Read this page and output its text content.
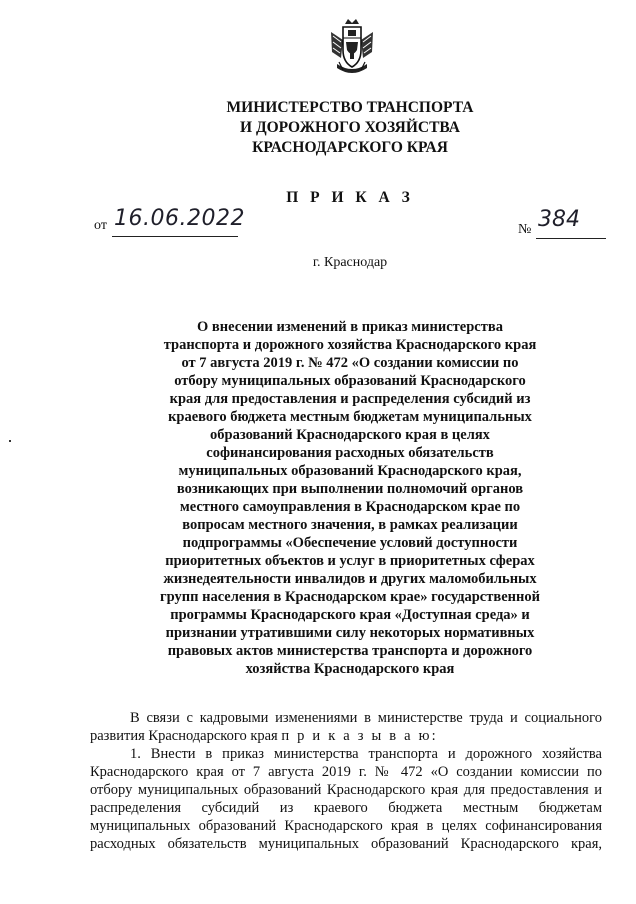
МИНИСТЕРСТВО ТРАНСПОРТА
И ДОРОЖНОГО ХОЗЯЙСТВА
КРАСНОДАРСКОГО КРАЯ
П Р И К А З
от 16.06.2022	№ 384
г. Краснодар
О внесении изменений в приказ министерства
транспорта и дорожного хозяйства Краснодарского края
от 7 августа 2019 г. № 472 «О создании комиссии по
отбору муниципальных образований Краснодарского
края для предоставления и распределения субсидий из
краевого бюджета местным бюджетам муниципальных
образований Краснодарского края в целях
софинансирования расходных обязательств
муниципальных образований Краснодарского края,
возникающих при выполнении полномочий органов
местного самоуправления в Краснодарском крае по
вопросам местного значения, в рамках реализации
подпрограммы «Обеспечение условий доступности
приоритетных объектов и услуг в приоритетных сферах
жизнедеятельности инвалидов и других маломобильных
групп населения в Краснодарском крае» государственной
программы Краснодарского края «Доступная среда» и
признании утратившими силу некоторых нормативных
правовых актов министерства транспорта и дорожного
хозяйства Краснодарского края
В связи с кадровыми изменениями в министерстве труда и социального
развития Краснодарского края п р и к а з ы в а ю:
1. Внести в приказ министерства транспорта и дорожного хозяйства
Краснодарского края от 7 августа 2019 г. № 472 «О создании комиссии по
отбору муниципальных образований Краснодарского края для предоставления и
распределения субсидий из краевого бюджета местным бюджетам
муниципальных образований Краснодарского края в целях софинансирования
расходных обязательств муниципальных образований Краснодарского края,
